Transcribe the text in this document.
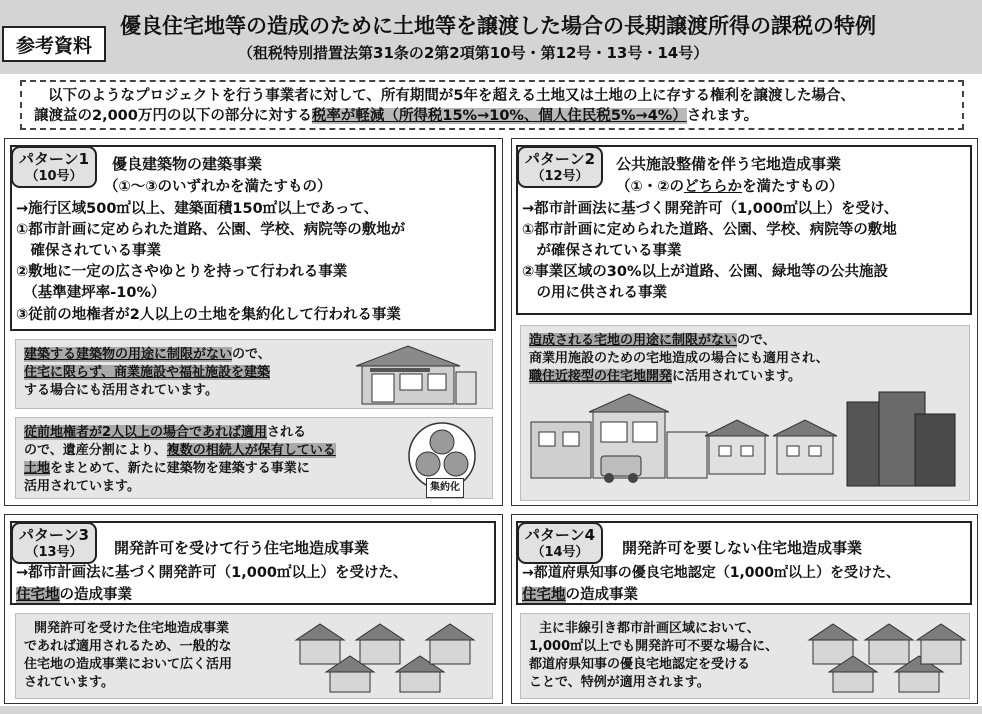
参考資料
優良住宅地等の造成のために土地等を譲渡した場合の長期譲渡所得の課税の特例
（租税特別措置法第31条の2第2項第10号・第12号・13号・14号）

以下のようなプロジェクトを行う事業者に対して、所有期間が5年を超える土地又は土地の上に存する権利を譲渡した場合、

譲渡益の2,000万円の以下の部分に対する税率が軽減（所得税15%→10%、個人住民税5%→4%）されます。

パターン1
（10号）
優良建築物の建築事業
（①～③のいずれかを満たすもの）
→施行区域500㎡以上、建築面積150㎡以上であって、
①都市計画に定められた道路、公園、学校、病院等の敷地が
　確保されている事業
②敷地に一定の広さやゆとりを持って行われる事業
　（基準建坪率-10%）
③従前の地権者が2人以上の土地を集約化して行われる事業

建築する建築物の用途に制限がないので、

住宅に限らず、商業施設や福祉施設を建築

する場合にも活用されています。

従前地権者が2人以上の場合であれば適用される

ので、遺産分割により、複数の相続人が保有している

土地をまとめて、新たに建築物を建築する事業に

活用されています。	集約化
パターン2
（12号）
公共施設整備を伴う宅地造成事業
（①・②のどちらかを満たすもの）
→都市計画法に基づく開発許可（1,000㎡以上）を受け、
①都市計画に定められた道路、公園、学校、病院等の敷地
　が確保されている事業
②事業区域の30%以上が道路、公園、緑地等の公共施設
　の用に供される事業

造成される宅地の用途に制限がないので、

商業用施設のための宅地造成の場合にも適用され、

職住近接型の住宅地開発に活用されています。

パターン3
（13号）	開発許可を受けて行う住宅地造成事業
→都市計画法に基づく開発許可（1,000㎡以上）を受けた、
住宅地の造成事業

開発許可を受けた住宅地造成事業

であれば適用されるため、一般的な

住宅地の造成事業において広く活用

されています。

パターン4
（14号）	開発許可を要しない住宅地造成事業
→都道府県知事の優良宅地認定（1,000㎡以上）を受けた、
住宅地の造成事業

主に非線引き都市計画区域において、

1,000㎡以上でも開発許可不要な場合に、

都道府県知事の優良宅地認定を受ける

ことで、特例が適用されます。
